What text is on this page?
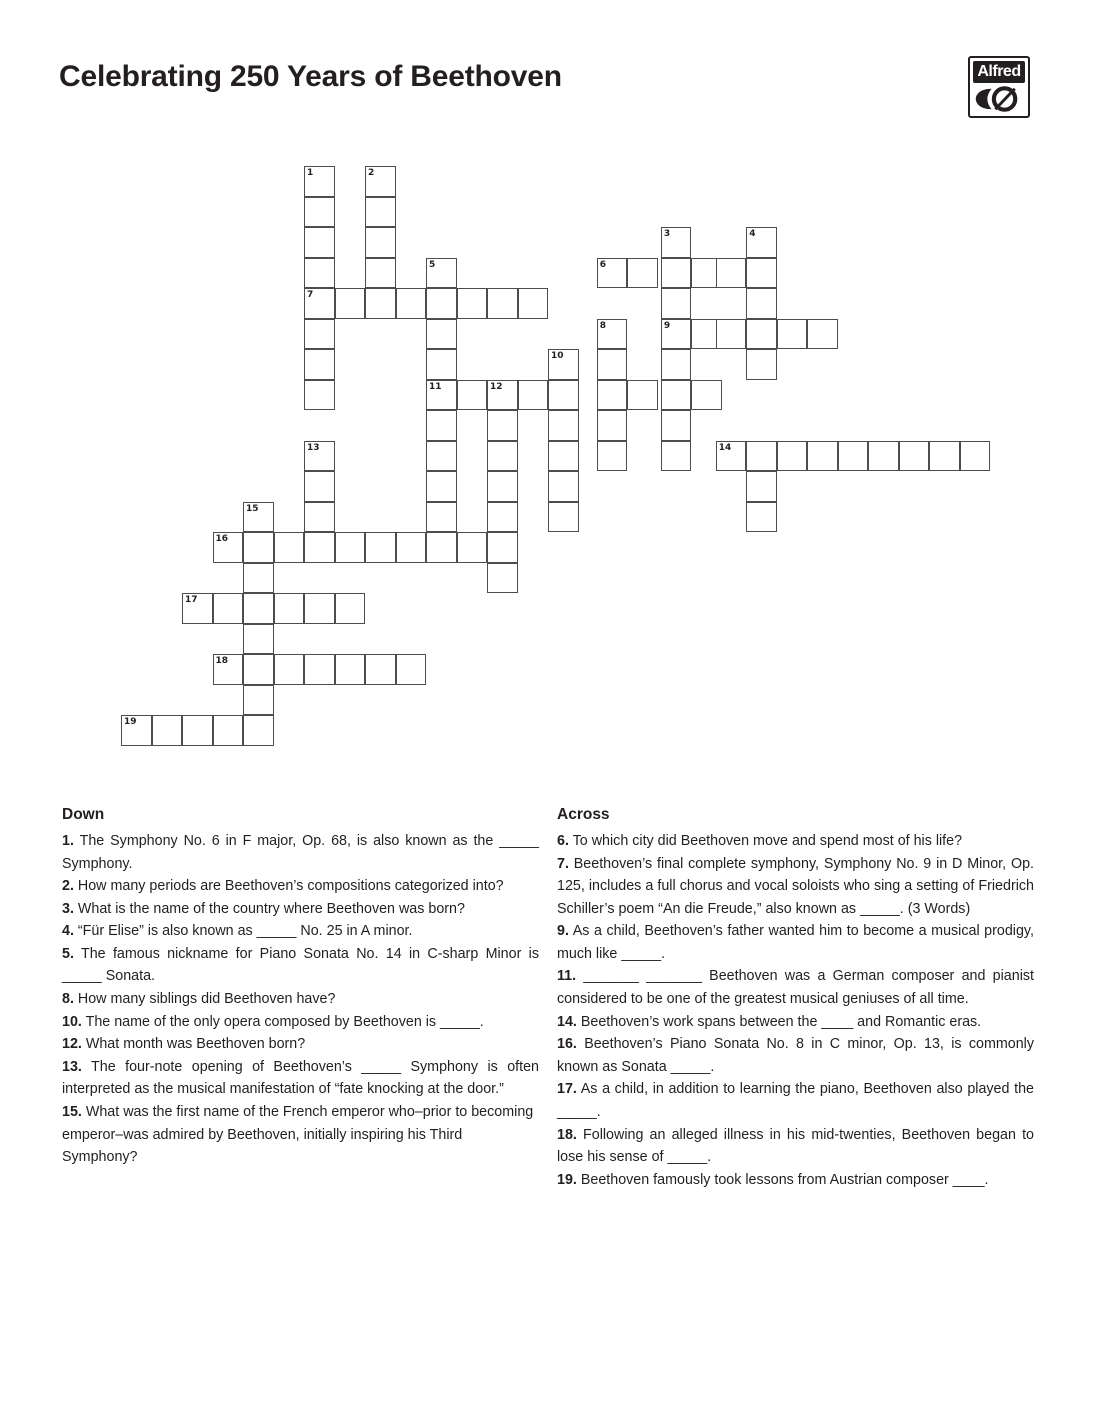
Celebrating 250 Years of Beethoven	Alfred
1	2
3	4
5	6
7
8	9
10
11	12
13	14
15
16
17
18
19
Down

1. The Symphony No. 6 in F major, Op. 68, is also known as the _____ Symphony.

2. How many periods are Beethoven’s compositions categorized into?

3. What is the name of the country where Beethoven was born?

4. “Für Elise” is also known as _____ No. 25 in A minor.

5. The famous nickname for Piano Sonata No. 14 in C-sharp Minor is _____ Sonata.

8. How many siblings did Beethoven have?

10. The name of the only opera composed by Beethoven is _____.

12. What month was Beethoven born?

13. The four-note opening of Beethoven’s _____ Symphony is often interpreted as the musical manifestation of “fate knocking at the door.”

15. What was the first name of the French emperor who–prior to becoming emperor–was admired by Beethoven, initially inspiring his Third Symphony?

Across

6. To which city did Beethoven move and spend most of his life?

7. Beethoven’s final complete symphony, Symphony No. 9 in D Minor, Op. 125, includes a full chorus and vocal soloists who sing a setting of Friedrich Schiller’s poem “An die Freude,” also known as _____. (3 Words)

9. As a child, Beethoven’s father wanted him to become a musical prodigy, much like _____.

11. _______ _______ Beethoven was a German composer and pianist considered to be one of the greatest musical geniuses of all time.

14. Beethoven’s work spans between the ____ and Romantic eras.

16. Beethoven’s Piano Sonata No. 8 in C minor, Op. 13, is commonly known as Sonata _____.

17. As a child, in addition to learning the piano, Beethoven also played the _____.

18. Following an alleged illness in his mid-twenties, Beethoven began to lose his sense of _____.

19. Beethoven famously took lessons from Austrian composer ____.
